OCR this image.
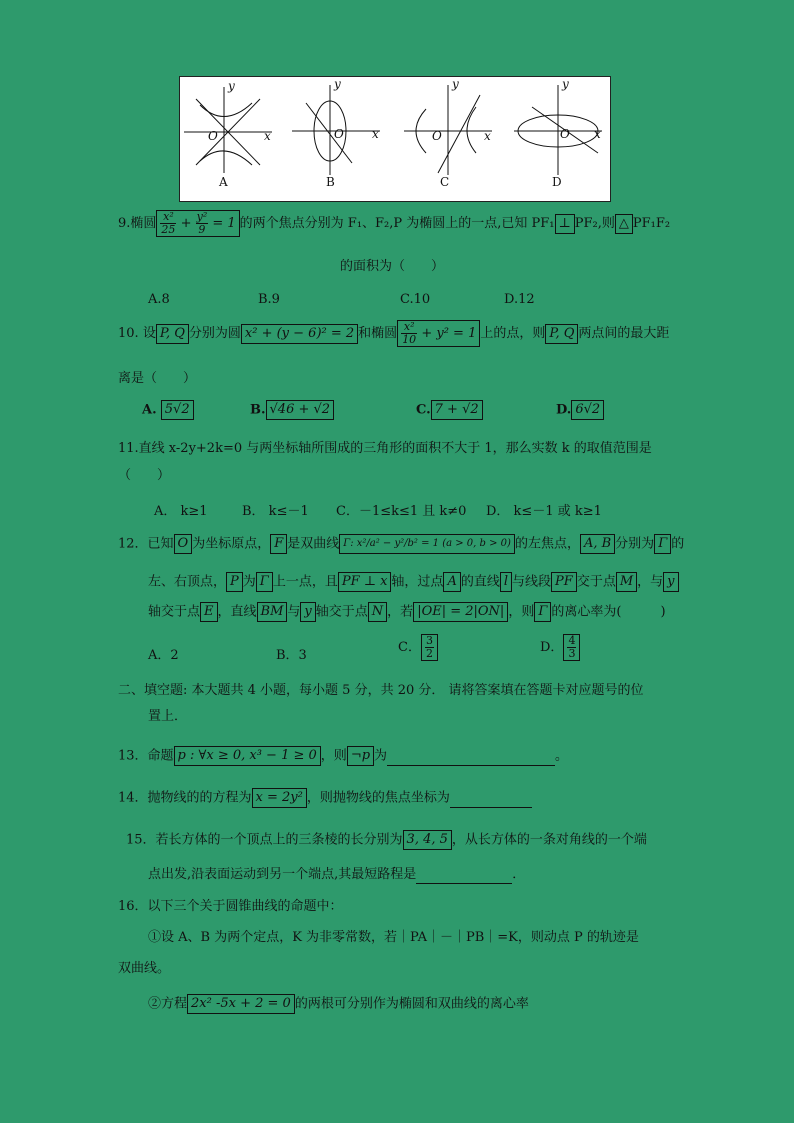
A	B	C	D
O	O	O	O
y
x
y
x
y
x
y
x
9.椭圆 $\frac{\text{x²}}{25} + \frac{\text{y²}}{9} = 1$ 的两个焦点分别为 F₁、F₂,P 为椭圆上的一点,已知 PF₁ ⊥ PF₂,则 △ PF₁F₂
的面积为（　　）
A.8	B.9	C.10	D.12
10. 设 P, Q 分别为圆 x² + (y − 6)² = 2 和椭圆 $\frac{\text{x²}}{10} + y^2 = 1$ 上的点，则 P, Q 两点间的最大距
离是（　　）
A. 5√2	B. √46 + √2	C. 7 + √2	D. 6√2
11.直线 x-2y+2k=0 与两坐标轴所围成的三角形的面积不大于 1，那么实数 k 的取值范围是
（　　）
A． k≥1	B． k≤－1 C．－1≤k≤1 且 k≠0 D． k≤－1 或 k≥1
12．已知 O 为坐标原点， F 是双曲线 Γ: x²/a² − y²/b² = 1 (a > 0, b > 0) 的左焦点， A, B 分别为 Γ 的
左、右顶点， P 为 Γ 上一点，且 PF ⊥ x 轴，过点 A 的直线 l 与线段 PF 交于点 M ，与 y
轴交于点 E ，直线 BM 与 y 轴交于点 N ，若 |OE| = 2|ON| ，则 Γ 的离心率为(　　　)
A．2	B．3
C． $\frac{3}{2}$	D． $\frac{4}{3}$
二、填空题: 本大题共 4 小题，每小题 5 分，共 20 分． 请将答案填在答题卡对应题号的位
置上．
13．命题 p : ∀x ≥ 0, x³ − 1 ≥ 0 ，则 ¬p 为	。
14．抛物线的的方程为 x = 2y² ，则抛物线的焦点坐标为
15．若长方体的一个顶点上的三条棱的长分别为 3, 4, 5 ，从长方体的一条对角线的一个端
点出发,沿表面运动到另一个端点,其最短路程是	．
16．以下三个关于圆锥曲线的命题中：
①设 A、B 为两个定点，K 为非零常数，若｜PA｜－｜PB｜=K，则动点 P 的轨迹是
双曲线。
②方程 2x² -5x + 2 = 0 的两根可分别作为椭圆和双曲线的离心率
